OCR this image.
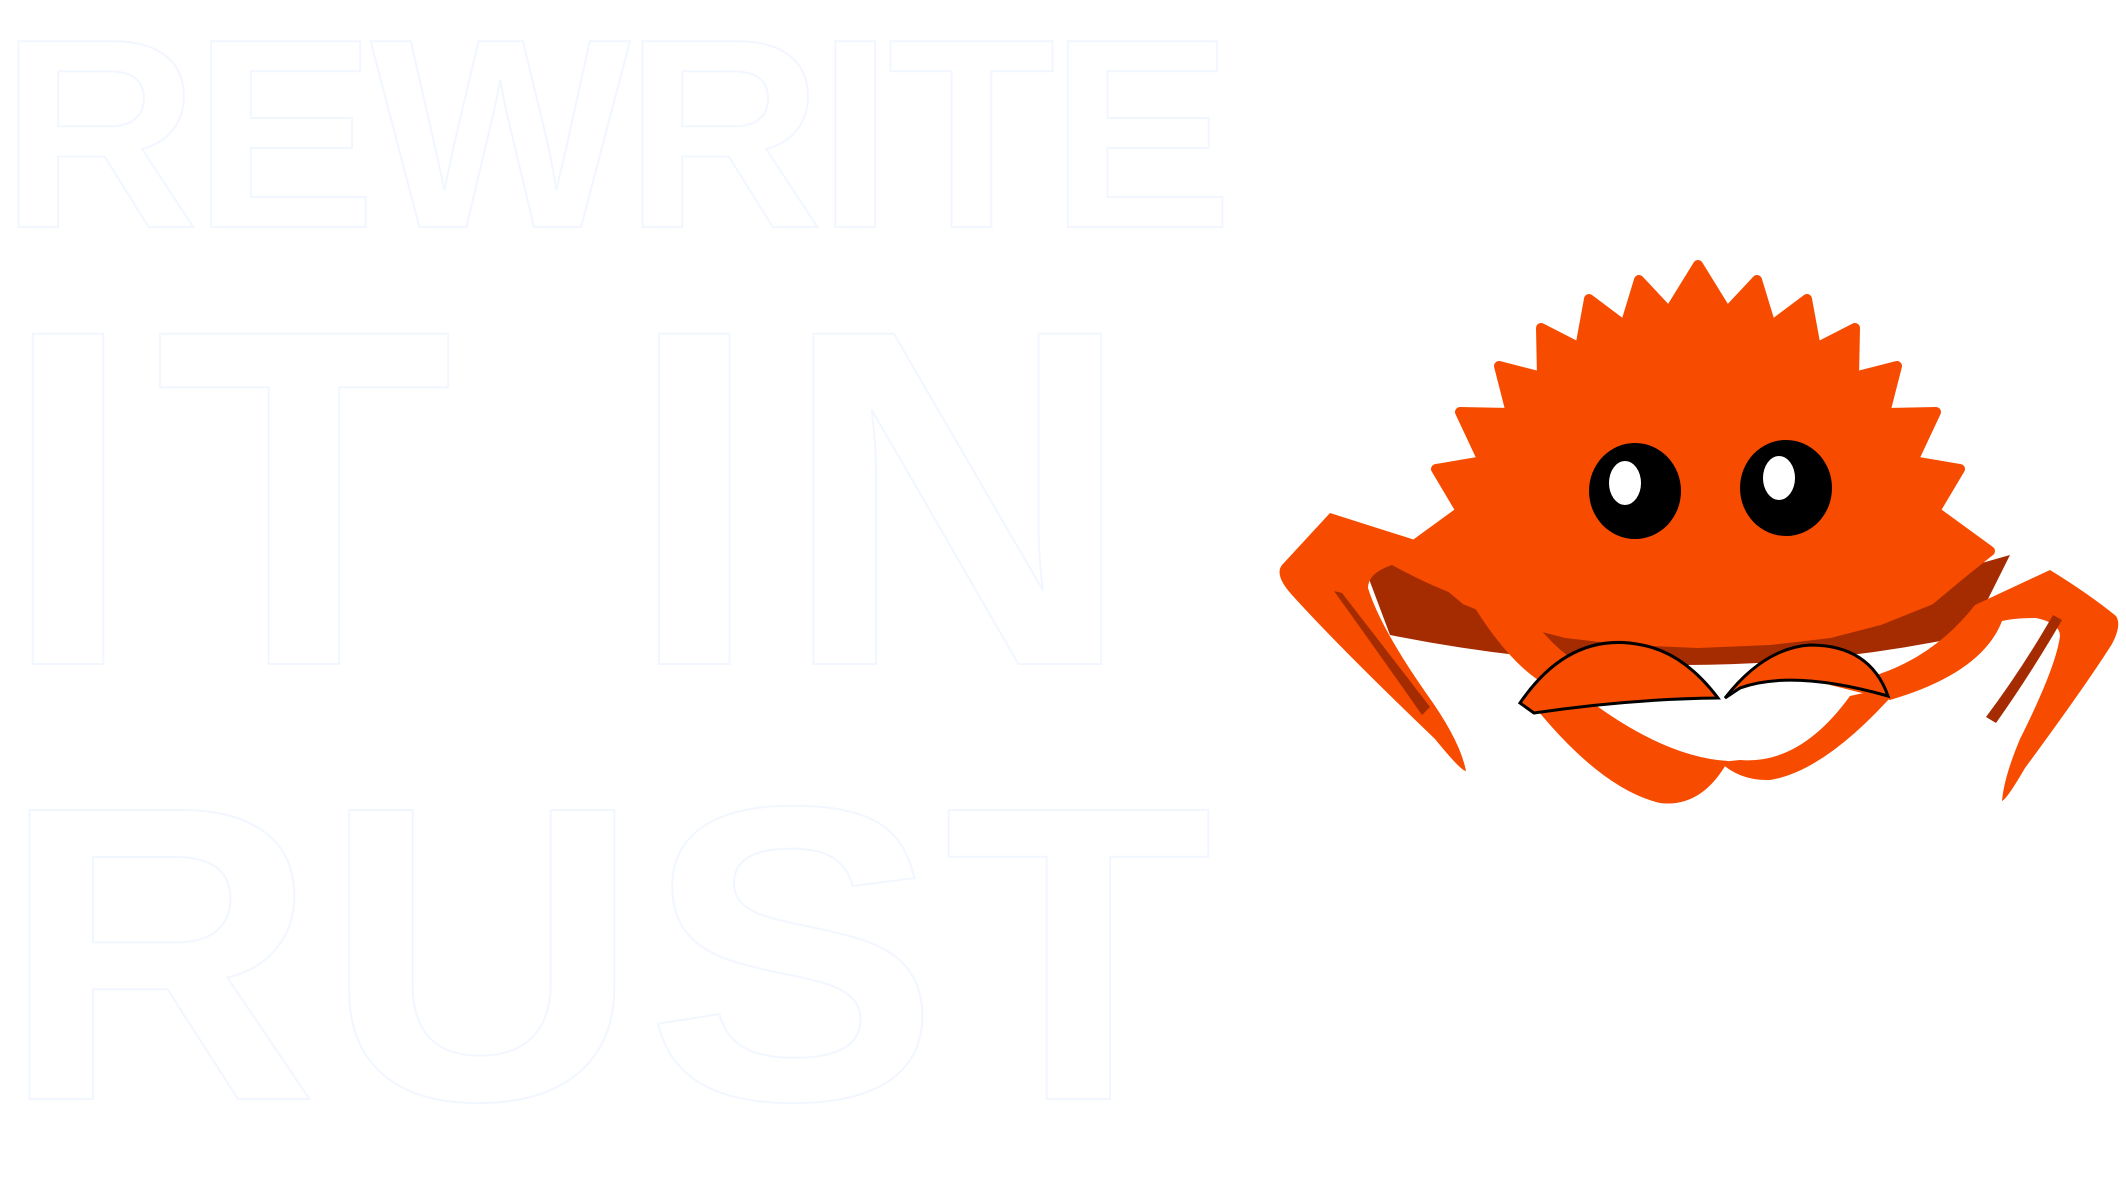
REWRITE

IT IN

RUST
